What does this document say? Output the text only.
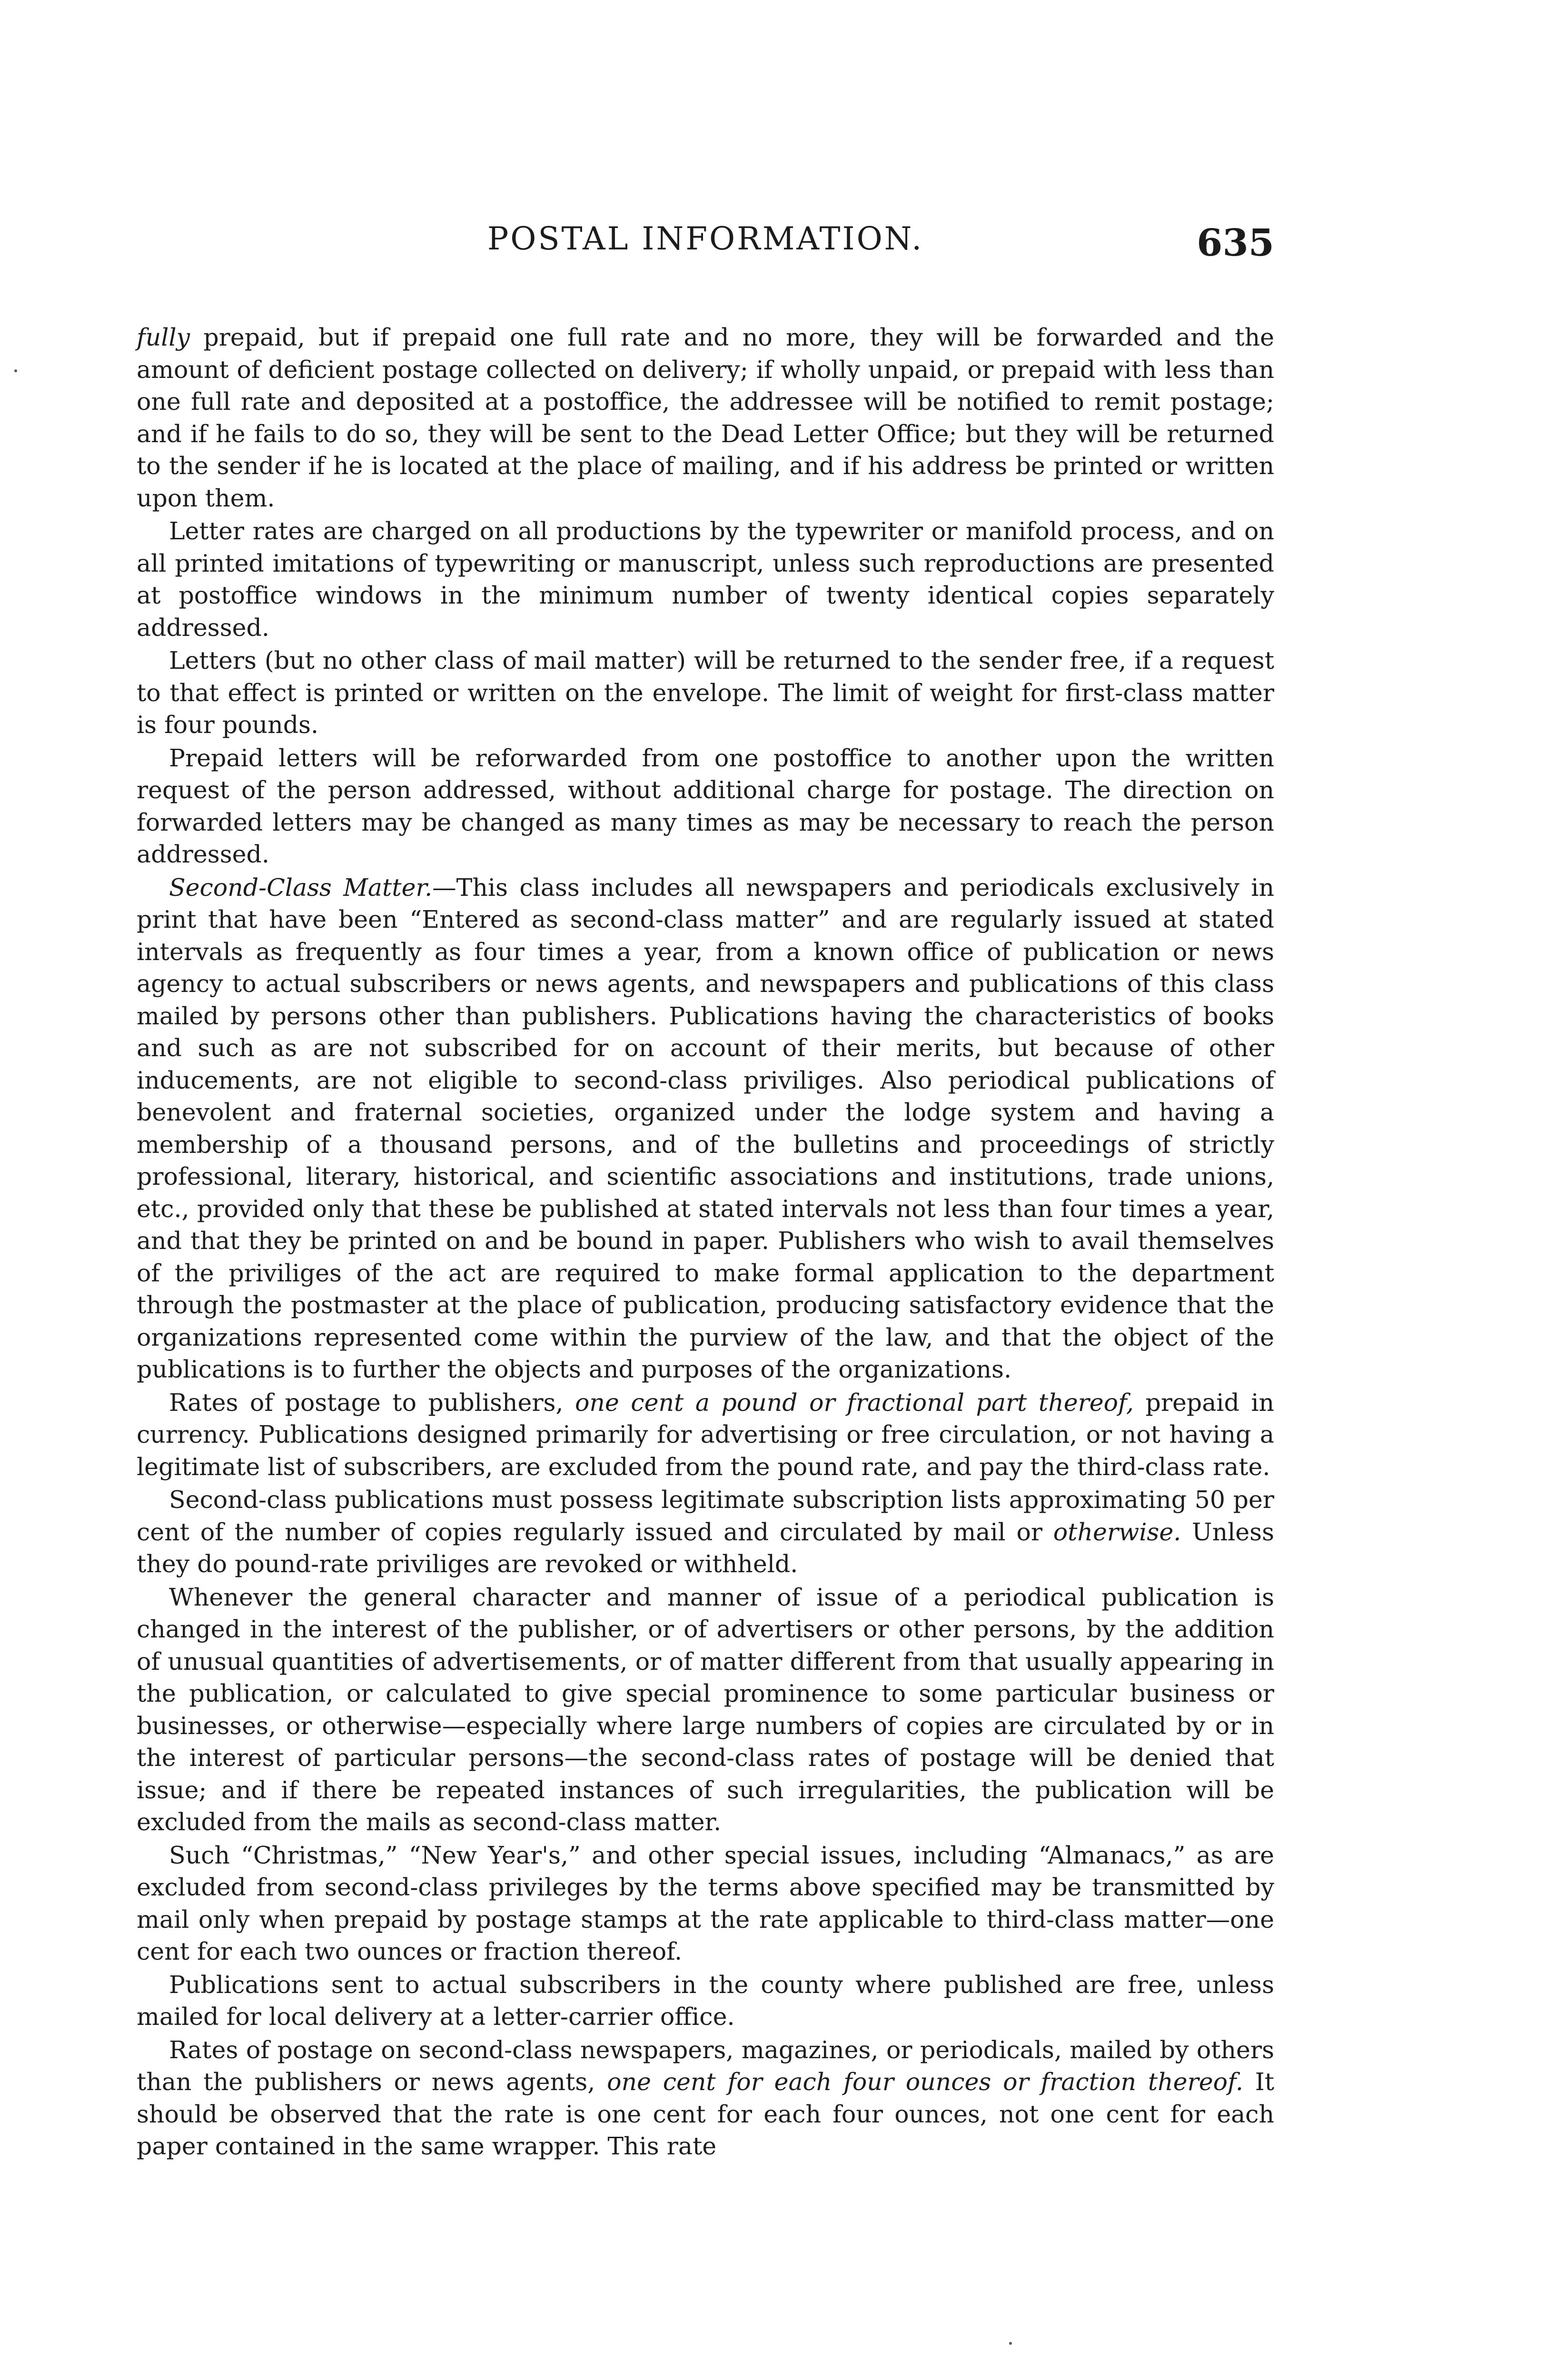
POSTAL INFORMATION.	635

fully prepaid, but if prepaid one full rate and no more, they will be forwarded and the amount of deficient postage collected on delivery; if wholly unpaid, or prepaid with less than one full rate and deposited at a postoffice, the addressee will be notified to remit postage; and if he fails to do so, they will be sent to the Dead Letter Office; but they will be returned to the sender if he is located at the place of mailing, and if his address be printed or written upon them.

Letter rates are charged on all productions by the typewriter or manifold process, and on all printed imitations of typewriting or manuscript, unless such reproductions are presented at postoffice windows in the minimum number of twenty identical copies separately addressed.

Letters (but no other class of mail matter) will be returned to the sender free, if a request to that effect is printed or written on the envelope. The limit of weight for first-class matter is four pounds.

Prepaid letters will be reforwarded from one postoffice to another upon the written request of the person addressed, without additional charge for postage. The direction on forwarded letters may be changed as many times as may be necessary to reach the person addressed.

Second-Class Matter.—This class includes all newspapers and periodicals exclusively in print that have been “Entered as second-class matter” and are regularly issued at stated intervals as frequently as four times a year, from a known office of publication or news agency to actual subscribers or news agents, and newspapers and publications of this class mailed by persons other than publishers. Publications having the characteristics of books and such as are not subscribed for on account of their merits, but because of other inducements, are not eligible to second-class priviliges. Also periodical publications of benevolent and fraternal societies, organized under the lodge system and having a membership of a thousand persons, and of the bulletins and proceedings of strictly professional, literary, historical, and scientific associations and institutions, trade unions, etc., provided only that these be published at stated intervals not less than four times a year, and that they be printed on and be bound in paper. Publishers who wish to avail themselves of the priviliges of the act are required to make formal application to the department through the postmaster at the place of publication, producing satisfactory evidence that the organizations represented come within the purview of the law, and that the object of the publications is to further the objects and purposes of the organizations.

Rates of postage to publishers, one cent a pound or fractional part thereof, prepaid in currency. Publications designed primarily for advertising or free circulation, or not having a legitimate list of subscribers, are excluded from the pound rate, and pay the third-class rate.

Second-class publications must possess legitimate subscription lists approximating 50 per cent of the number of copies regularly issued and circulated by mail or otherwise. Unless they do pound-rate priviliges are revoked or withheld.

Whenever the general character and manner of issue of a periodical publication is changed in the interest of the publisher, or of advertisers or other persons, by the addition of unusual quantities of advertisements, or of matter different from that usually appearing in the publication, or calculated to give special prominence to some particular business or businesses, or otherwise—especially where large numbers of copies are circulated by or in the interest of particular persons—the second-class rates of postage will be denied that issue; and if there be repeated instances of such irregularities, the publication will be excluded from the mails as second-class matter.

Such “Christmas,” “New Year's,” and other special issues, including “Almanacs,” as are excluded from second-class privileges by the terms above specified may be transmitted by mail only when prepaid by postage stamps at the rate applicable to third-class matter—one cent for each two ounces or fraction thereof.

Publications sent to actual subscribers in the county where published are free, unless mailed for local delivery at a letter-carrier office.

Rates of postage on second-class newspapers, magazines, or periodicals, mailed by others than the publishers or news agents, one cent for each four ounces or fraction thereof. It should be observed that the rate is one cent for each four ounces, not one cent for each paper contained in the same wrapper. This rate
